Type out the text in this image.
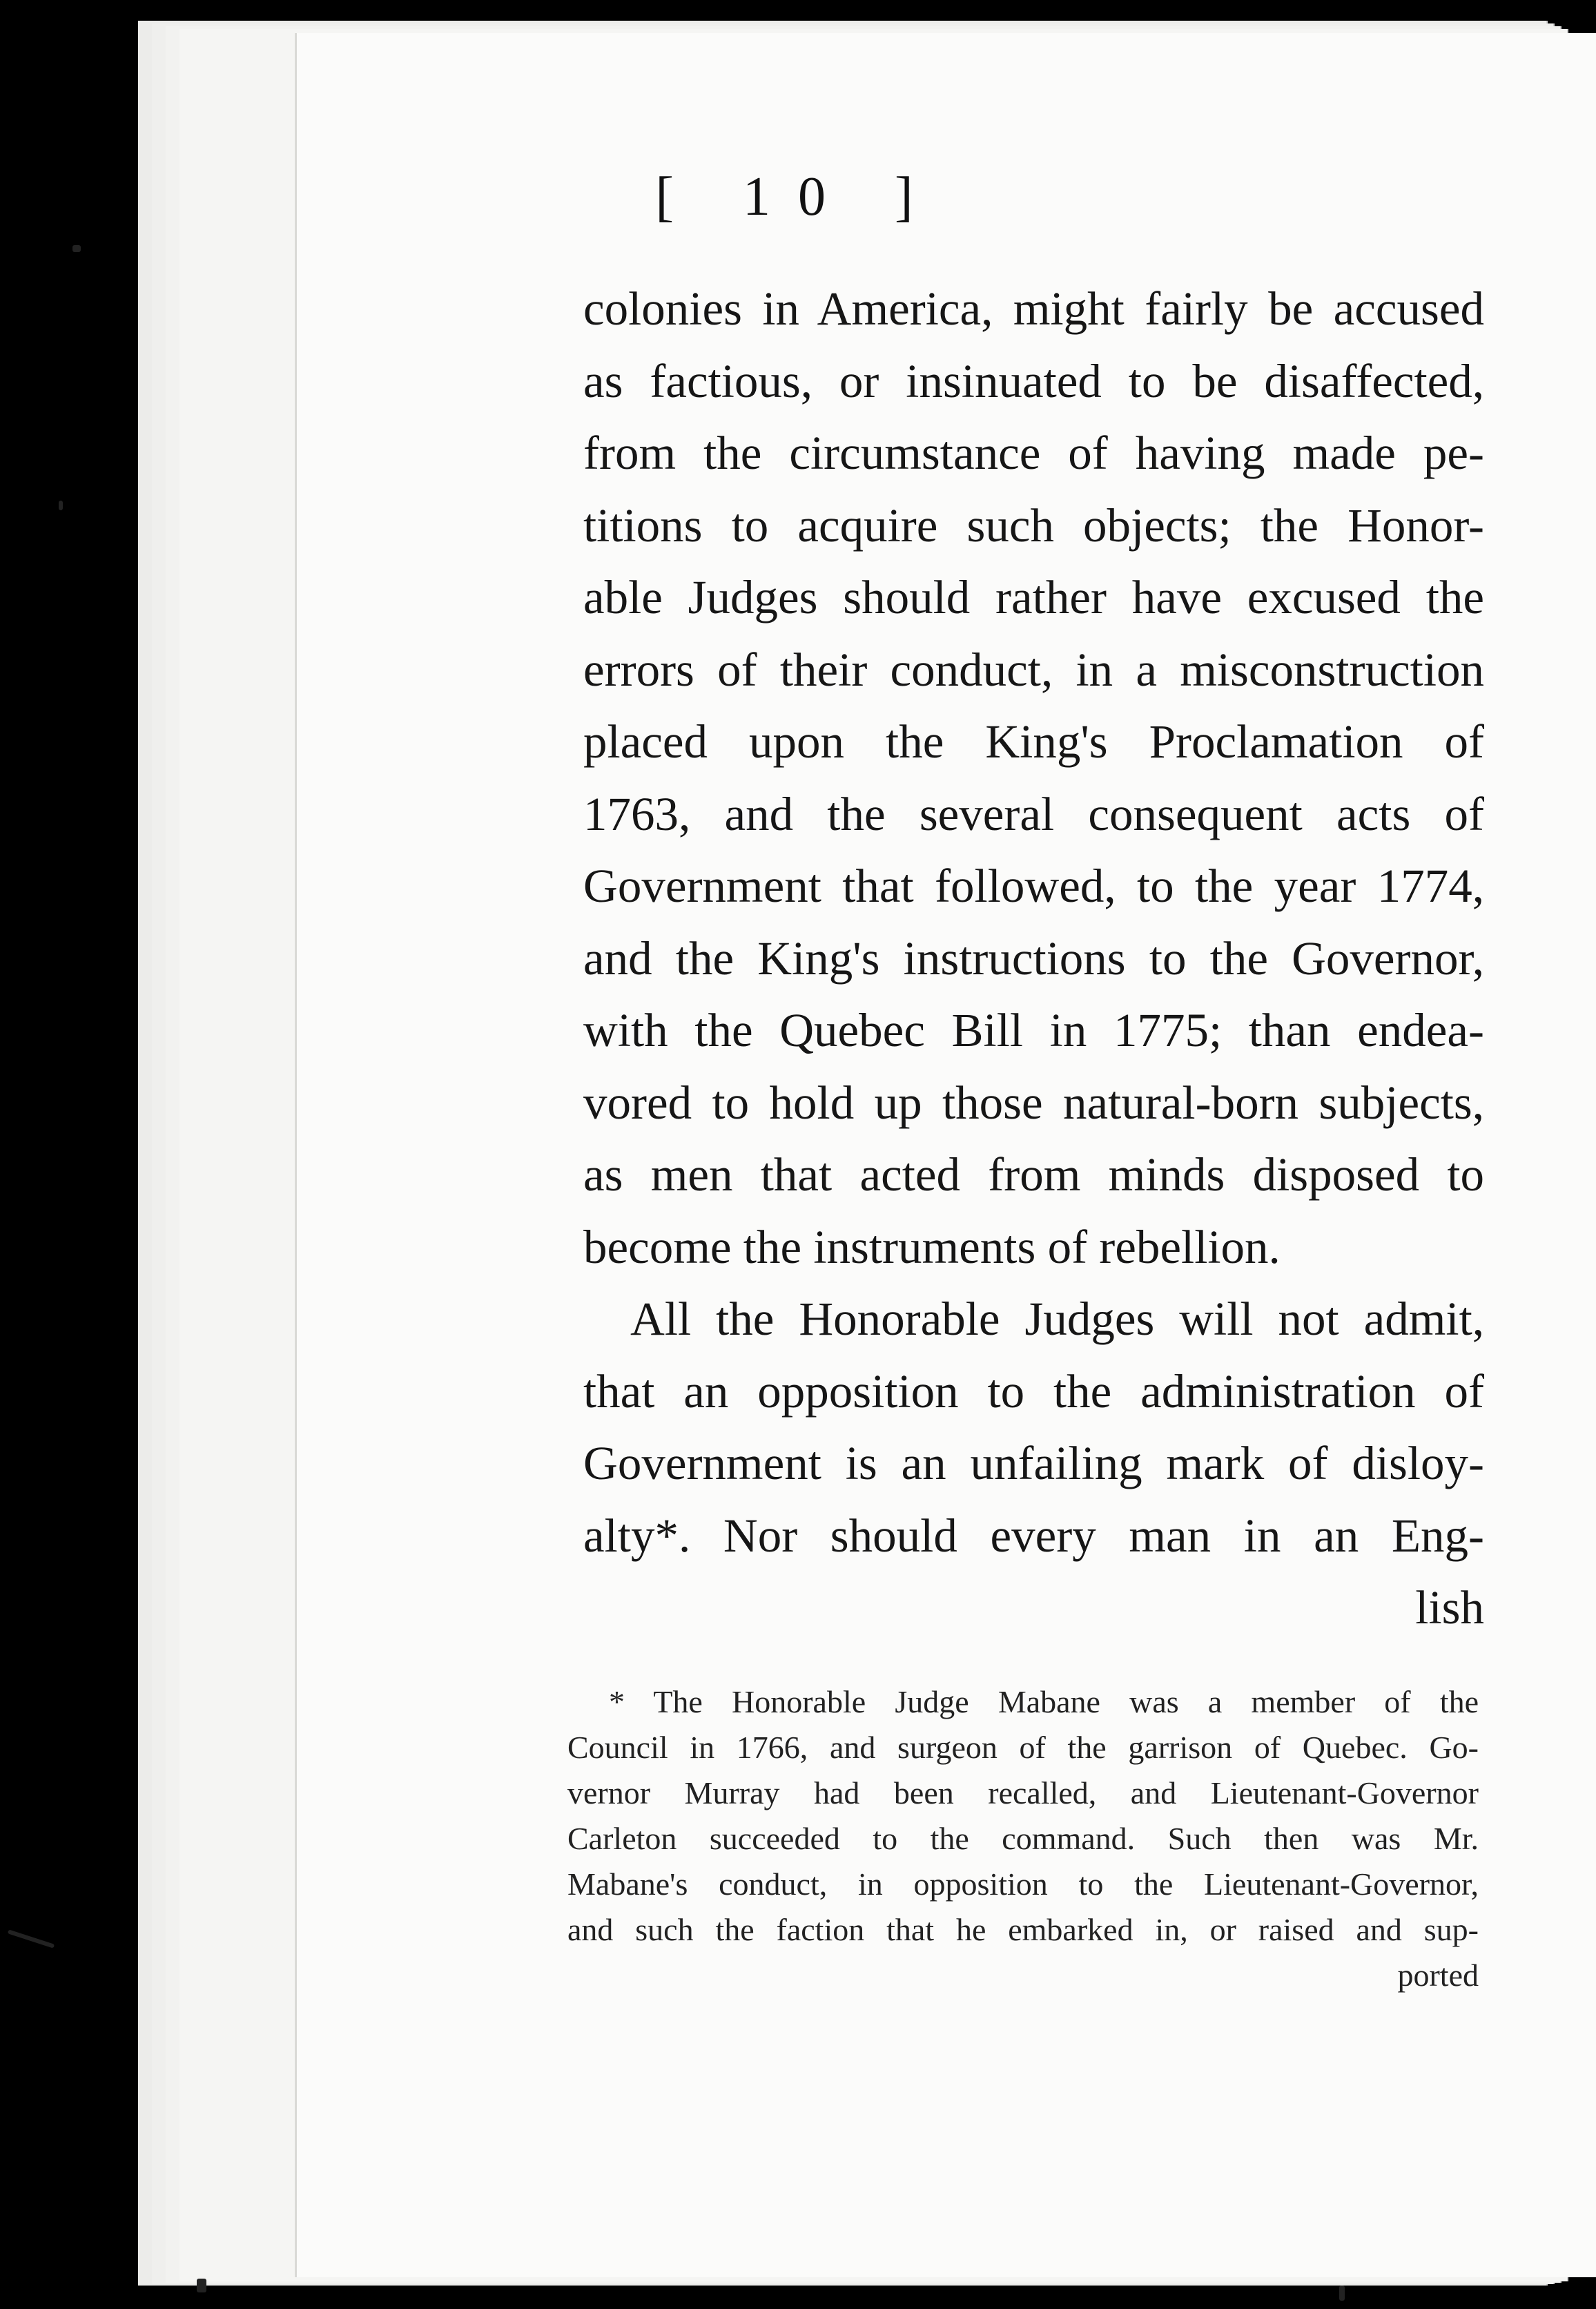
[ 10 ]
colonies in America, might fairly be accused
as factious, or insinuated to be disaffected,
from the circumstance of having made pe-
titions to acquire such objects; the Honor-
able Judges should rather have excused the
errors of their conduct, in a misconstruction
placed upon the King's Proclamation of
1763, and the several consequent acts of
Government that followed, to the year 1774,
and the King's instructions to the Governor,
with the Quebec Bill in 1775; than endea-
vored to hold up those natural-born subjects,
as men that acted from minds disposed to
become the instruments of rebellion.
All the Honorable Judges will not admit,
that an opposition to the administration of
Government is an unfailing mark of disloy-
alty*. Nor should every man in an Eng-
lish
* The Honorable Judge Mabane was a member of the
Council in 1766, and surgeon of the garrison of Quebec. Go-
vernor Murray had been recalled, and Lieutenant-Governor
Carleton succeeded to the command. Such then was Mr.
Mabane's conduct, in opposition to the Lieutenant-Governor,
and such the faction that he embarked in, or raised and sup-
ported
